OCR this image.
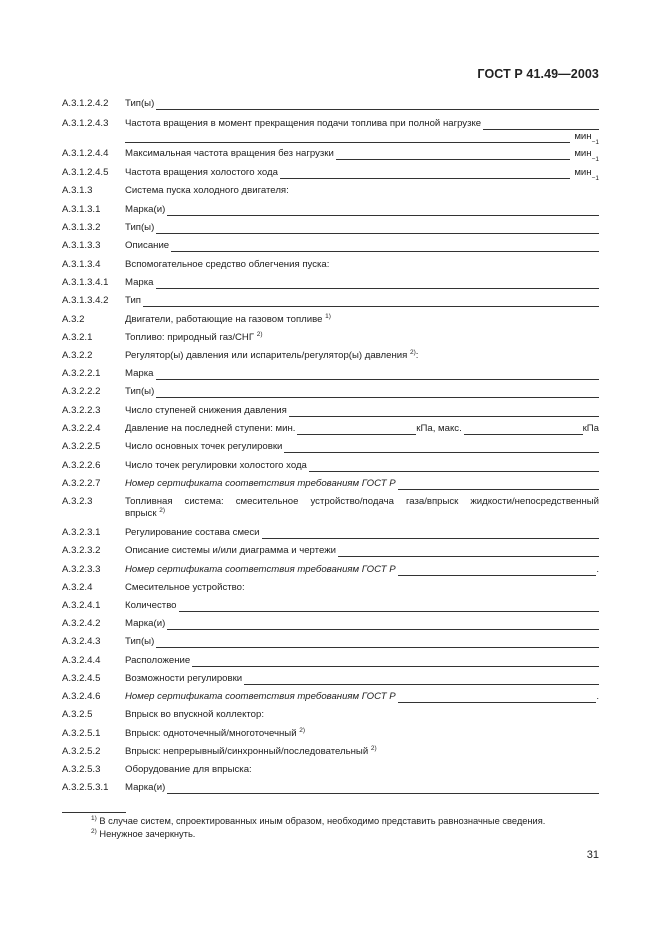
ГОСТ Р 41.49—2003
A.3.1.2.4.2 Тип(ы)
A.3.1.2.4.3 Частота вращения в момент прекращения подачи топлива при полной нагрузке
мин
−1
A.3.1.2.4.4 Максимальная частота вращения без нагрузки	мин
−1
A.3.1.2.4.5 Частота вращения холостого хода	мин
−1
A.3.1.3	Система пуска холодного двигателя:
A.3.1.3.1	Марка(и)
A.3.1.3.2	Тип(ы)
A.3.1.3.3	Описание
A.3.1.3.4	Вспомогательное средство облегчения пуска:
A.3.1.3.4.1 Марка
A.3.1.3.4.2 Тип
A.3.2	Двигатели, работающие на газовом топливе $^{1)}$
A.3.2.1	Топливо: природный газ/СНГ $^{2)}$
A.3.2.2	Регулятор(ы) давления или испаритель/регулятор(ы) давления $^{2)}$:
A.3.2.2.1	Марка
A.3.2.2.2	Тип(ы)
A.3.2.2.3	Число ступеней снижения давления
A.3.2.2.4	Давление на последней ступени: мин.	кПа, макс.	кПа
A.3.2.2.5	Число основных точек регулировки
A.3.2.2.6	Число точек регулировки холостого хода
A.3.2.2.7	Номер сертификата соответствия требованиям ГОСТ Р
A.3.2.3	Топливная система: смесительное устройство/подача газа/впрыск жидкости/непосредственный
впрыск $^{2)}$
A.3.2.3.1	Регулирование состава смеси
A.3.2.3.2	Описание системы и/или диаграмма и чертежи
A.3.2.3.3	Номер сертификата соответствия требованиям ГОСТ Р	.
A.3.2.4	Смесительное устройство:
A.3.2.4.1	Количество
A.3.2.4.2	Марка(и)
A.3.2.4.3	Тип(ы)
A.3.2.4.4	Расположение
A.3.2.4.5	Возможности регулировки
A.3.2.4.6	Номер сертификата соответствия требованиям ГОСТ Р	.
A.3.2.5	Впрыск во впускной коллектор:
A.3.2.5.1	Впрыск: одноточечный/многоточечный $^{2)}$
A.3.2.5.2	Впрыск: непрерывный/синхронный/последовательный $^{2)}$
A.3.2.5.3	Оборудование для впрыска:
A.3.2.5.3.1 Марка(и)
$^{1)}$ В случае систем, спроектированных иным образом, необходимо представить равнозначные сведения.
$^{2)}$ Ненужное зачеркнуть.
31
